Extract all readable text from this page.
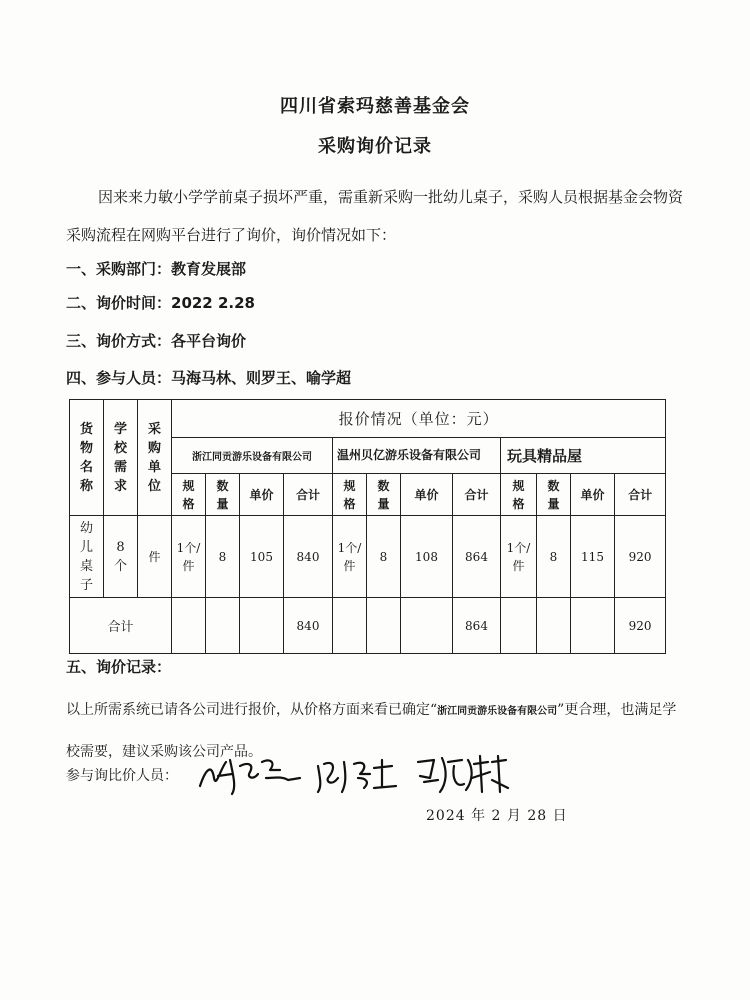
四川省索玛慈善基金会
采购询价记录
因来来力敏小学学前桌子损坏严重，需重新采购一批幼儿桌子，采购人员根据基金会物资采购流程在网购平台进行了询价，询价情况如下：
一、采购部门：教育发展部
二、询价时间：2022 2.28
三、询价方式：各平台询价
四、参与人员：马海马林、则罗王、喻学超
货物名称	学校需求	采购单位	报价情况（单位：元）											
			浙江同贡游乐设备有限公司				温州贝亿游乐设备有限公司				玩具精品屋			

			规格	数量	单价	合计	规格	数量	单价	合计	规格	数量	单价	合计

幼儿桌子	8个	件	1个/件	8	105	840	1个/件	8	108	864	1个/件	8	115	920
合计						840				864				920
五、询价记录：
以上所需系统已请各公司进行报价，从价格方面来看已确定“浙江同贡游乐设备有限公司”更合理，也满足学校需要，建议采购该公司产品。
参与询比价人员：
2024 年 2 月 28 日
